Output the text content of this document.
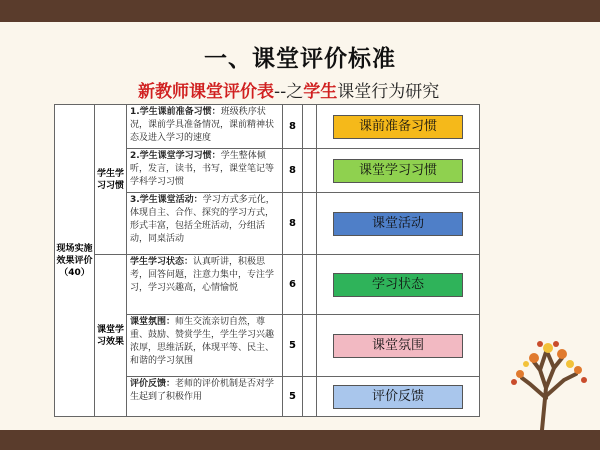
一、课堂评价标准
新教师课堂评价表--之学生课堂行为研究
现场实施效果评价（40）	学生学习习惯	1.学生课前准备习惯：班级秩序状况，课前学具准备情况，课前精神状态及进入学习的速度	8		课前准备习惯
		2.学生课堂学习习惯：学生整体倾听，发言，读书，书写，课堂笔记等学科学习习惯	8		课堂学习习惯
		3.学生课堂活动：学习方式多元化，体现自主、合作、探究的学习方式，形式丰富，包括全班活动，分组活动，同桌活动	8		课堂活动
	课堂学习效果	学生学习状态：认真听讲，积极思考，回答问题，注意力集中，专注学习，学习兴趣高，心情愉悦	6		学习状态
		课堂氛围：师生交流亲切自然，尊重、鼓励、赞赏学生，学生学习兴趣浓厚，思维活跃，体现平等、民主、和谐的学习氛围	5		课堂氛围
		评价反馈：老师的评价机制是否对学生起到了积极作用	5		评价反馈
